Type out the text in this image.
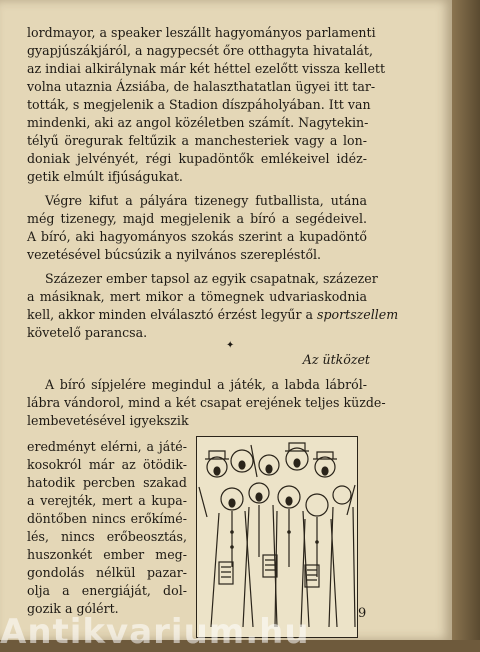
lordmayor, a speaker leszállt hagyományos parlamenti
gyapjúszákjáról, a nagypecsét őre otthagyta hivatalát,
az indiai alkirálynak már két héttel ezelőtt vissza kellett
volna utaznia Ázsiába, de halaszthatatlan ügyei itt tar-
tották, s megjelenik a Stadion díszpáholyában. Itt van
mindenki, aki az angol közéletben számít. Nagytekin-
télyű öregurak feltűzik a manchesteriek vagy a lon-
doniak jelvényét, régi kupadöntők emlékeivel idéz-
getik elmúlt ifjúságukat.
Végre kifut a pályára tizenegy futballista, utána
még tizenegy, majd megjelenik a bíró a segédeivel.
A bíró, aki hagyományos szokás szerint a kupadöntő
vezetésével búcsúzik a nyilvános szerepléstől.
Százezer ember tapsol az egyik csapatnak, százezer
a másiknak, mert mikor a tömegnek udvariaskodnia
kell, akkor minden elválasztó érzést legyűr a sportszellem
követelő parancsa.
✦
Az ütközet
A bíró sípjelére megindul a játék, a labda lábról-
lábra vándorol, mind a két csapat erejének teljes küzde-
lembevetésével igyekszik
eredményt elérni, a játé-
kosokról már az ötödik-
hatodik percben szakad
a verejték, mert a kupa-
döntőben nincs erőkímé-
lés, nincs erőbeosztás,
huszonkét ember meg-
gondolás nélkül pazar-
olja a energiáját, dol-
gozik a gólért.	9
Antikvarium.hu
